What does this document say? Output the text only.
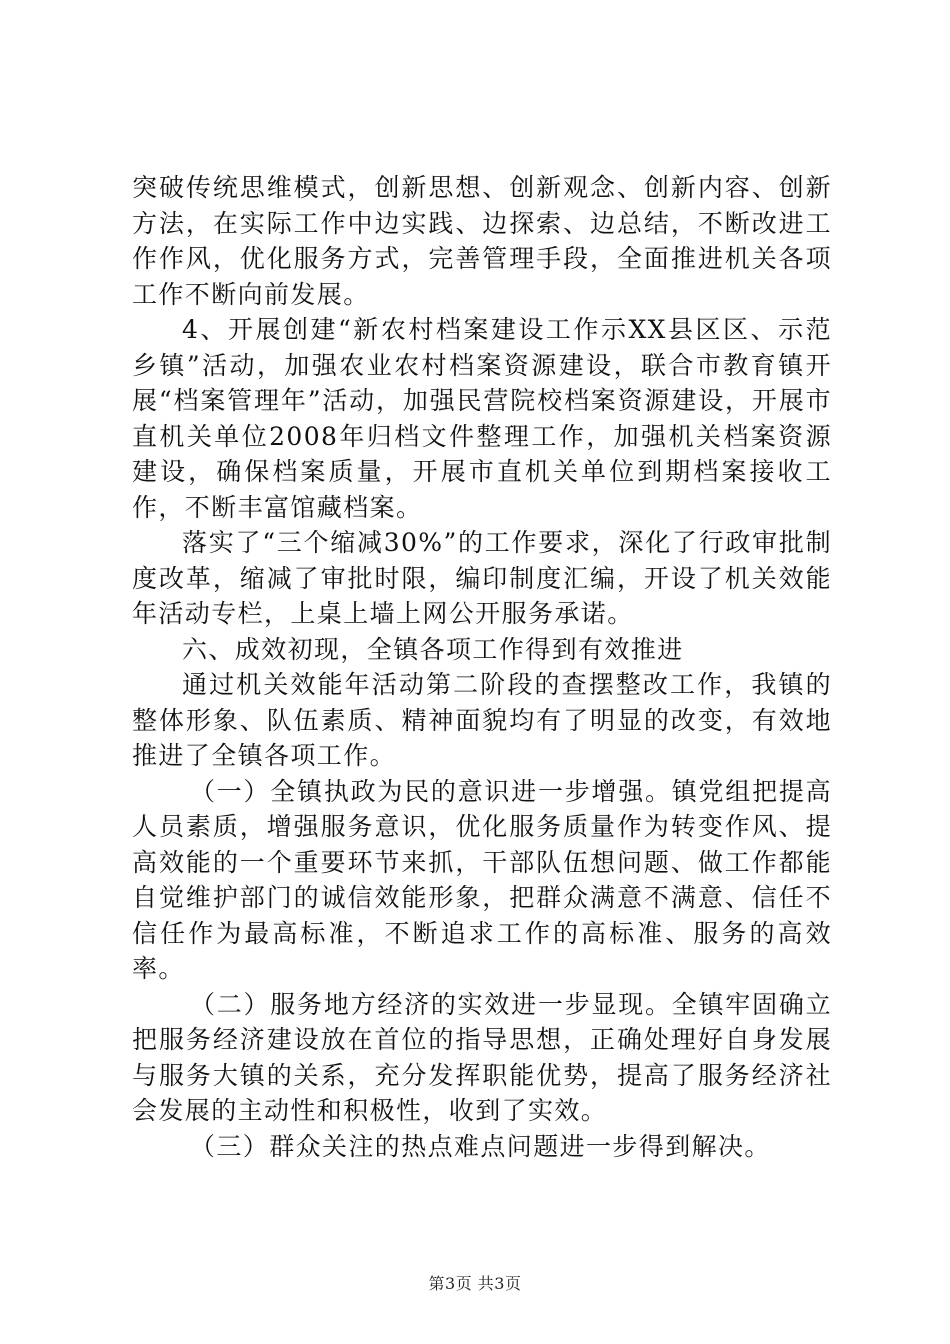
突破传统思维模式，创新思想、创新观念、创新内容、创新方法，在实际工作中边实践、边探索、边总结，不断改进工作作风，优化服务方式，完善管理手段，全面推进机关各项工作不断向前发展。

4、开展创建“新农村档案建设工作示XX县区区、示范乡镇”活动，加强农业农村档案资源建设，联合市教育镇开展“档案管理年”活动，加强民营院校档案资源建设，开展市直机关单位2008年归档文件整理工作，加强机关档案资源建设，确保档案质量，开展市直机关单位到期档案接收工作，不断丰富馆藏档案。

落实了“三个缩减30%”的工作要求，深化了行政审批制度改革，缩减了审批时限，编印制度汇编，开设了机关效能年活动专栏，上桌上墙上网公开服务承诺。

六、成效初现，全镇各项工作得到有效推进

通过机关效能年活动第二阶段的查摆整改工作，我镇的整体形象、队伍素质、精神面貌均有了明显的改变，有效地推进了全镇各项工作。

（一）全镇执政为民的意识进一步增强。镇党组把提高人员素质，增强服务意识，优化服务质量作为转变作风、提高效能的一个重要环节来抓，干部队伍想问题、做工作都能自觉维护部门的诚信效能形象，把群众满意不满意、信任不信任作为最高标准，不断追求工作的高标准、服务的高效率。

（二）服务地方经济的实效进一步显现。全镇牢固确立把服务经济建设放在首位的指导思想，正确处理好自身发展与服务大镇的关系，充分发挥职能优势，提高了服务经济社会发展的主动性和积极性，收到了实效。

（三）群众关注的热点难点问题进一步得到解决。

第3页 共3页
